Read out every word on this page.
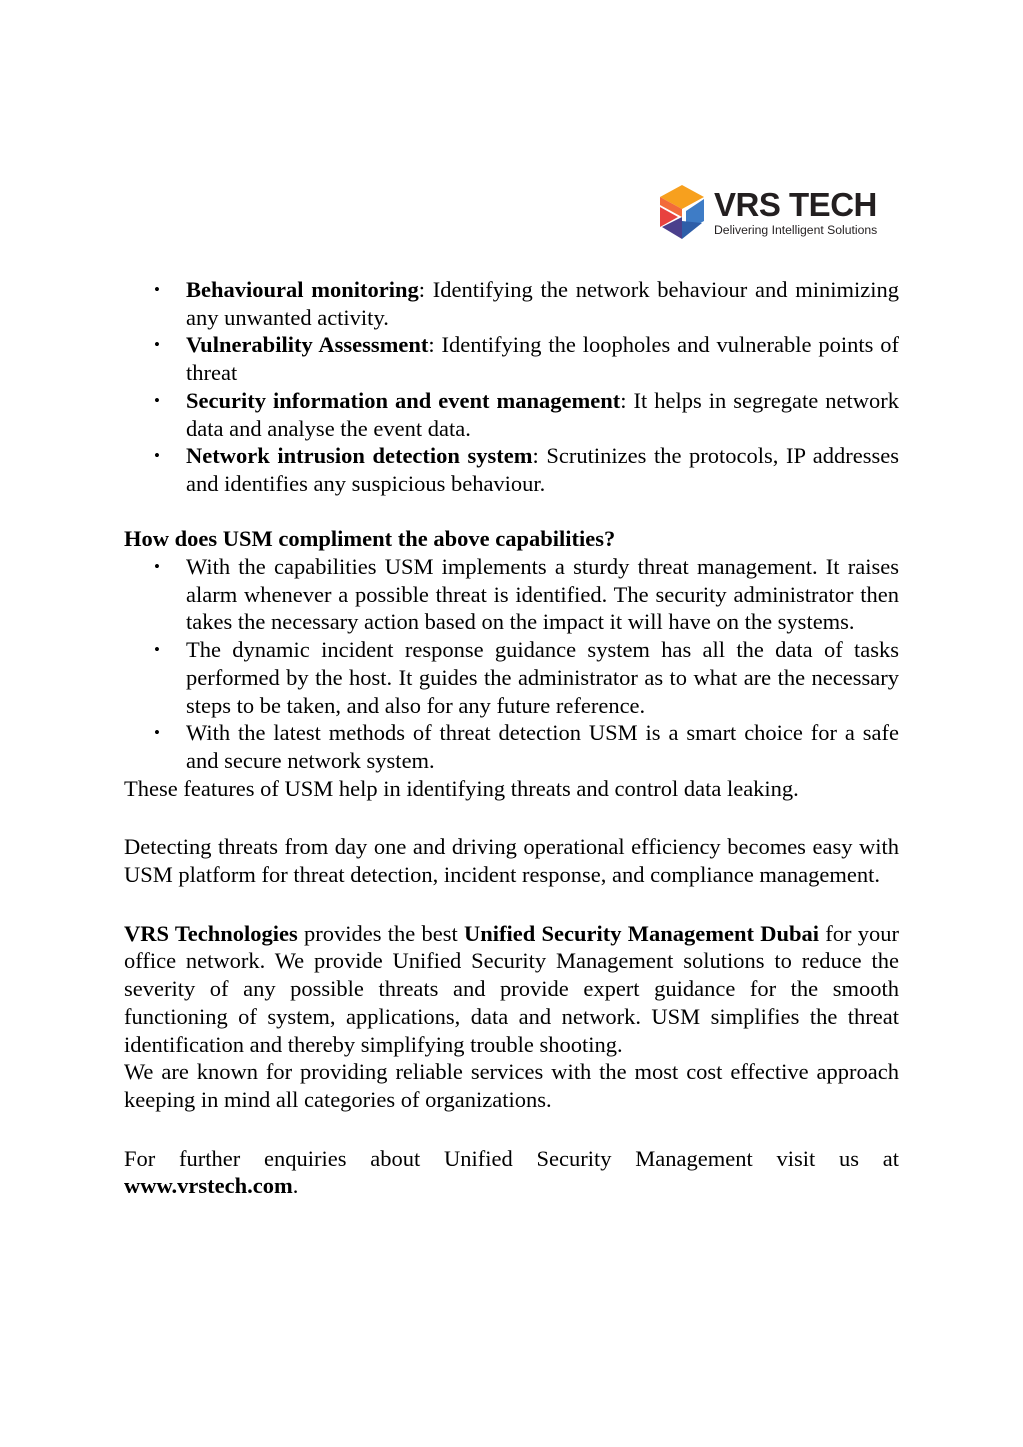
VRS TECH
Delivering Intelligent Solutions
• Behavioural monitoring: Identifying the network behaviour and minimizing any unwanted activity.
• Vulnerability Assessment: Identifying the loopholes and vulnerable points of threat
• Security information and event management: It helps in segregate network data and analyse the event data.
• Network intrusion detection system: Scrutinizes the protocols, IP addresses and identifies any suspicious behaviour.

How does USM compliment the above capabilities?

• With the capabilities USM implements a sturdy threat management. It raises alarm whenever a possible threat is identified. The security administrator then takes the necessary action based on the impact it will have on the systems.
• The dynamic incident response guidance system has all the data of tasks performed by the host. It guides the administrator as to what are the necessary steps to be taken, and also for any future reference.
• With the latest methods of threat detection USM is a smart choice for a safe and secure network system.

These features of USM help in identifying threats and control data leaking.

Detecting threats from day one and driving operational efficiency becomes easy with USM platform for threat detection, incident response, and compliance management.

VRS Technologies provides the best Unified Security Management Dubai for your office network. We provide Unified Security Management solutions to reduce the severity of any possible threats and provide expert guidance for the smooth functioning of system, applications, data and network. USM simplifies the threat identification and thereby simplifying trouble shooting.

We are known for providing reliable services with the most cost effective approach keeping in mind all categories of organizations.

For further enquiries about Unified Security Management visit us at www.vrstech.com.
